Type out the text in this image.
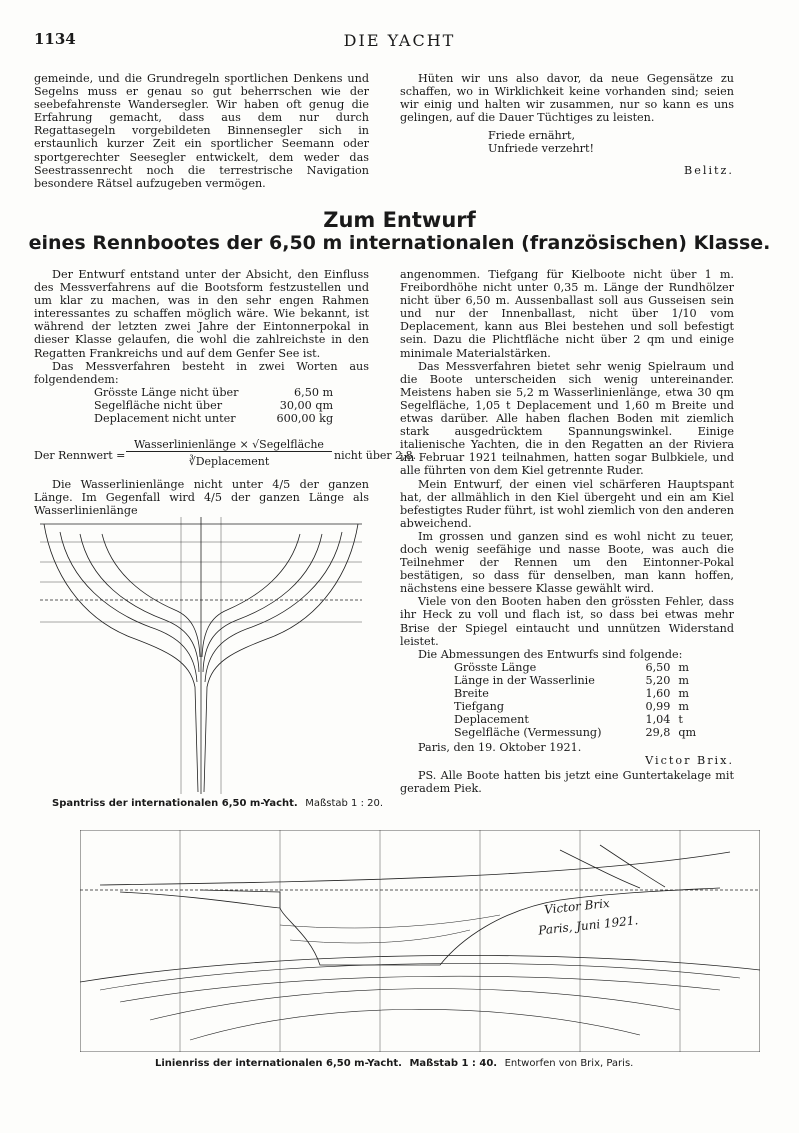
1134	DIE YACHT

gemeinde, und die Grundregeln sportlichen Denkens und Segelns muss er genau so gut beherrschen wie der seebefahrenste Wandersegler. Wir haben oft genug die Erfahrung gemacht, dass aus dem nur durch Regattasegeln vorgebildeten Binnensegler sich in erstaunlich kurzer Zeit ein sportlicher Seemann oder sportgerechter Seesegler entwickelt, dem weder das Seestrassenrecht noch die terrestrische Navigation besondere Rätsel aufzugeben vermögen.

Hüten wir uns also davor, da neue Gegensätze zu schaffen, wo in Wirklichkeit keine vorhanden sind; seien wir einig und halten wir zusammen, nur so kann es uns gelingen, auf die Dauer Tüchtiges zu leisten.

Friede ernährt,

Unfriede verzehrt!

Belitz.

Zum Entwurf
eines Rennbootes der 6,50 m internationalen (französischen) Klasse.

Der Entwurf entstand unter der Absicht, den Einfluss des Messverfahrens auf die Bootsform festzustellen und um klar zu machen, was in den sehr engen Rahmen interessantes zu schaffen möglich wäre. Wie bekannt, ist während der letzten zwei Jahre der Eintonnerpokal in dieser Klasse gelaufen, die wohl die zahlreichste in den Regatten Frankreichs und auf dem Genfer See ist.

Das Messverfahren besteht in zwei Worten aus folgendendem:

Grösste Länge nicht über	6,50 m
Segelfläche nicht über	30,00 qm
Deplacement nicht unter	600,00 kg
Der Rennwert =
Wasserlinienlänge × √Segelfläche
∛Deplacement	nicht über 2,8.

Die Wasserlinienlänge nicht unter 4/5 der ganzen Länge. Im Gegenfall wird 4/5 der ganzen Länge als Wasserlinienlänge

Spantriss der internationalen 6,50 m-Yacht. Maßstab 1 : 20.

angenommen. Tiefgang für Kielboote nicht über 1 m. Freibordhöhe nicht unter 0,35 m. Länge der Rundhölzer nicht über 6,50 m. Aussenballast soll aus Gusseisen sein und nur der Innenballast, nicht über 1/10 vom Deplacement, kann aus Blei bestehen und soll befestigt sein. Dazu die Plichtfläche nicht über 2 qm und einige minimale Materialstärken.

Das Messverfahren bietet sehr wenig Spielraum und die Boote unterscheiden sich wenig untereinander. Meistens haben sie 5,2 m Wasserlinienlänge, etwa 30 qm Segelfläche, 1,05 t Deplacement und 1,60 m Breite und etwas darüber. Alle haben flachen Boden mit ziemlich stark ausgedrücktem Spannungswinkel. Einige italienische Yachten, die in den Regatten an der Riviera im Februar 1921 teilnahmen, hatten sogar Bulbkiele, und alle führten von dem Kiel getrennte Ruder.

Mein Entwurf, der einen viel schärferen Hauptspant hat, der allmählich in den Kiel übergeht und ein am Kiel befestigtes Ruder führt, ist wohl ziemlich von den anderen abweichend.

Im grossen und ganzen sind es wohl nicht zu teuer, doch wenig seefähige und nasse Boote, was auch die Teilnehmer der Rennen um den Eintonner-Pokal bestätigen, so dass für denselben, man kann hoffen, nächstens eine bessere Klasse gewählt wird.

Viele von den Booten haben den grössten Fehler, dass ihr Heck zu voll und flach ist, so dass bei etwas mehr Brise der Spiegel eintaucht und unnützen Widerstand leistet.

Die Abmessungen des Entwurfs sind folgende:

Grösste Länge	6,50	m
Länge in der Wasserlinie	5,20	m
Breite	1,60	m
Tiefgang	0,99	m
Deplacement	1,04	t
Segelfläche (Vermessung)	29,8	qm

Paris, den 19. Oktober 1921.

Victor Brix.

PS. Alle Boote hatten bis jetzt eine Guntertakelage mit geradem Piek.

Victor Brix
Paris, Juni 1921.
Linienriss der internationalen 6,50 m-Yacht. Maßstab 1 : 40. Entworfen von Brix, Paris.
